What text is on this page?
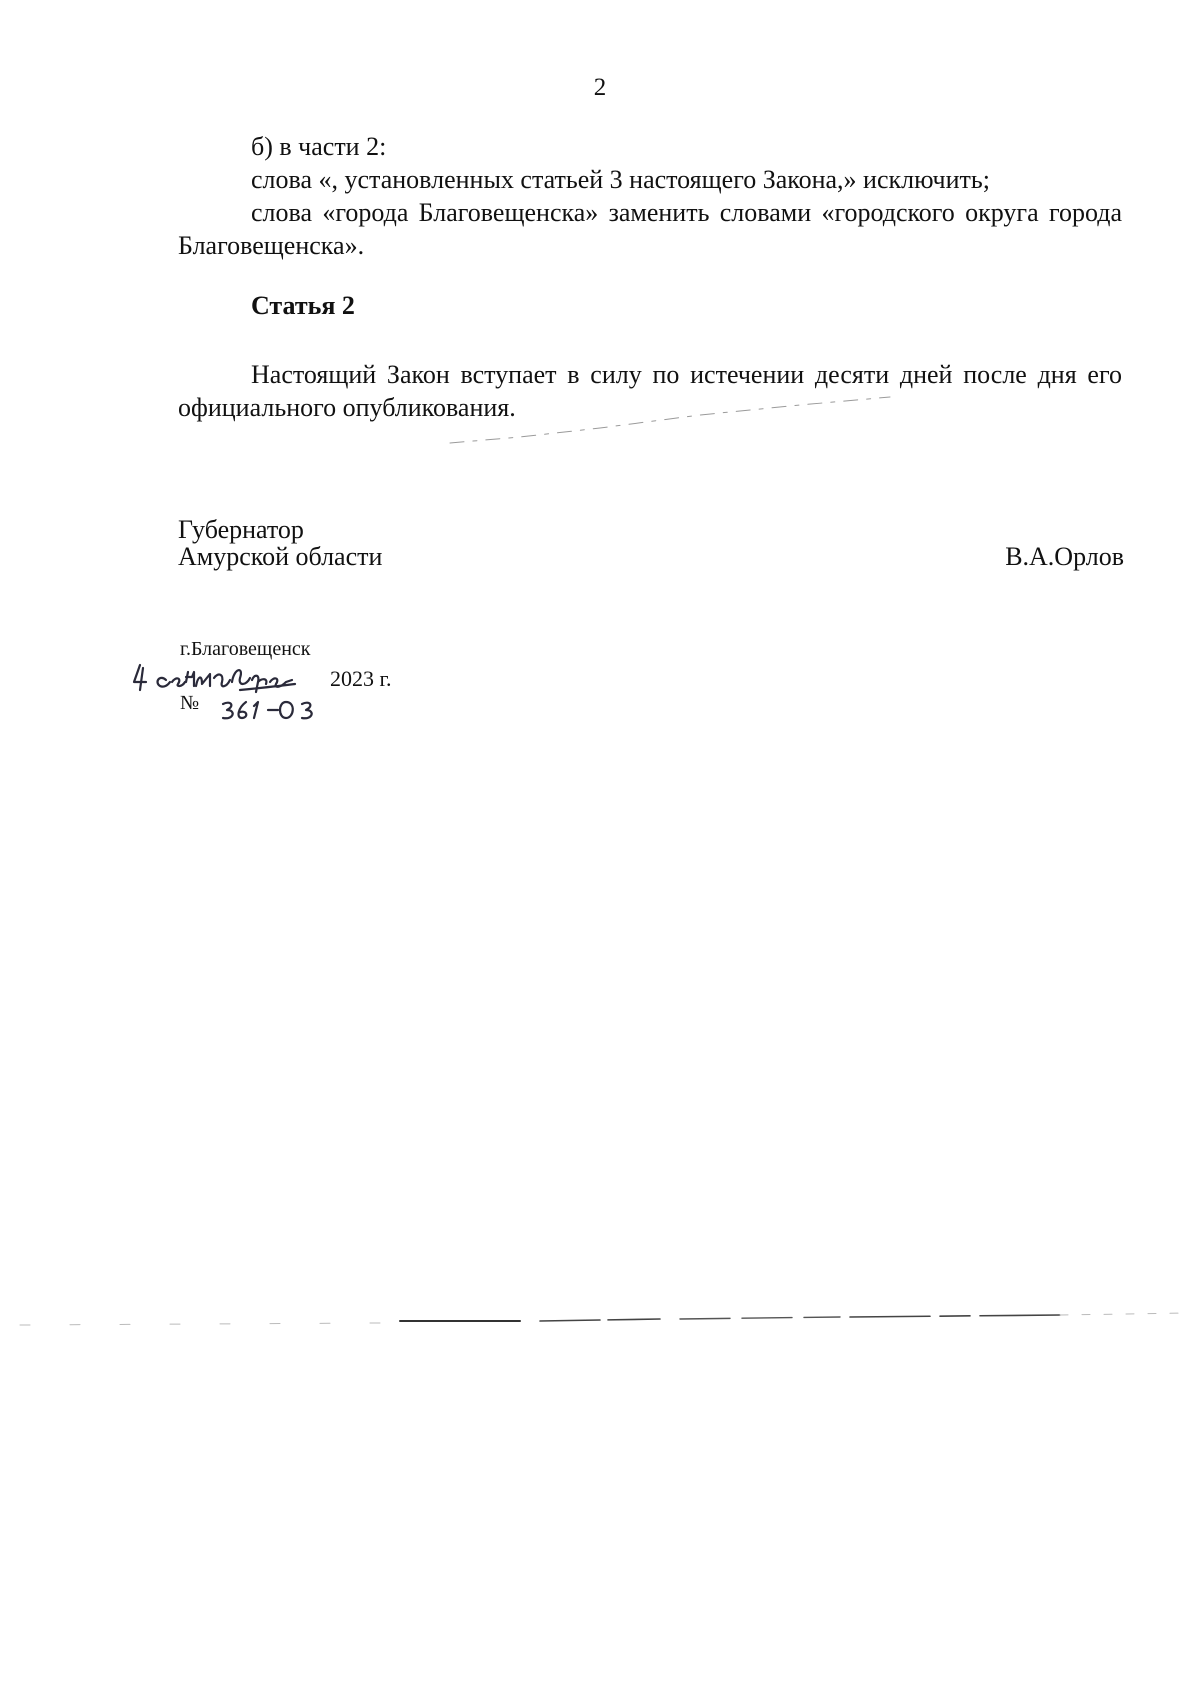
2

б) в части 2:

слова «, установленных статьей 3 настоящего Закона,» исключить;

слова «города Благовещенска» заменить словами «городского округа города Благовещенска».

Статья 2

Настоящий Закон вступает в силу по истечении десяти дней после дня его официального опубликования.

Губернатор
Амурской области	В.А.Орлов
г.Благовещенск
2023 г.
№
